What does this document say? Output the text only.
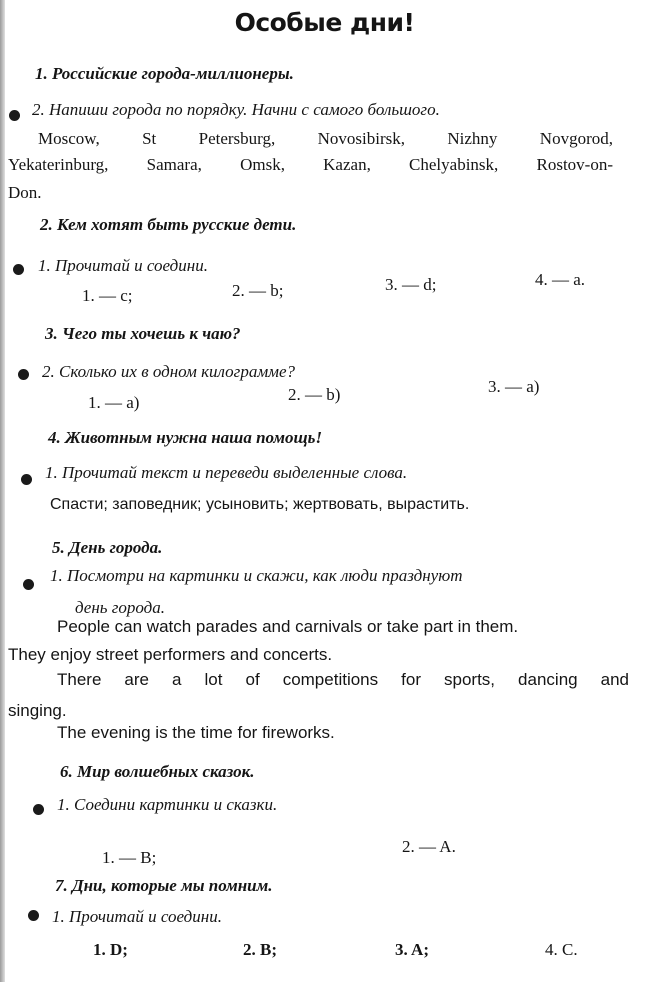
Особые дни!
1. Российские города-миллионеры.
2. Напиши города по порядку. Начни с самого большого.
Moscow, St Petersburg, Novosibirsk, Nizhny Novgorod,
Yekaterinburg, Samara, Omsk, Kazan, Chelyabinsk, Rostov-on-
Don.
2. Кем хотят быть русские дети.
1. Прочитай и соедини.
1. — c;	2. — b;	3. — d;	4. — a.
3. Чего ты хочешь к чаю?
2. Сколько их в одном килограмме?
1. — a)	2. — b)	3. — a)
4. Животным нужна наша помощь!
1. Прочитай текст и переведи выделенные слова.
Спасти; заповедник; усыновить; жертвовать, вырастить.
5. День города.
1. Посмотри на картинки и скажи, как люди празднуют
день города.
People can watch parades and carnivals or take part in them.
They enjoy street performers and concerts.
There are a lot of competitions for sports, dancing and
singing.
The evening is the time for fireworks.
6. Мир волшебных сказок.
1. Соедини картинки и сказки.
1. — B;
2. — A.
7. Дни, которые мы помним.
1. Прочитай и соедини.
1. D;	2. B;	3. A;	4. C.
